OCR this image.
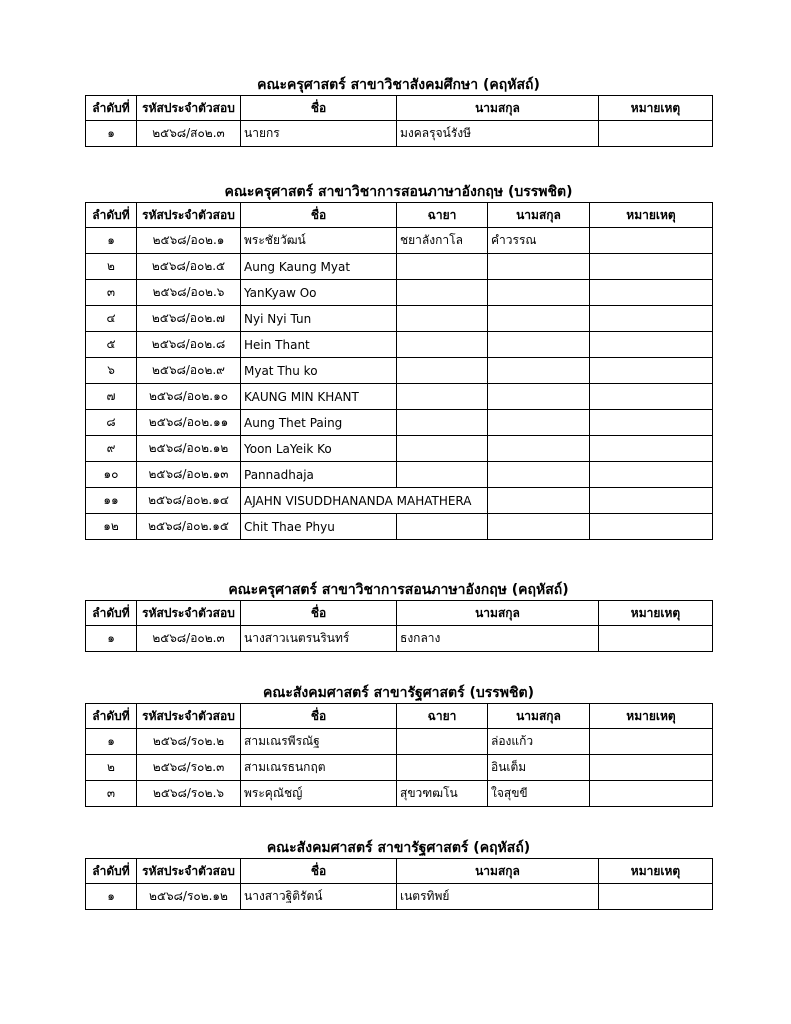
คณะครุศาสตร์ สาขาวิชาสังคมศึกษา (คฤหัสถ์)
ลำดับที่	รหัสประจำตัวสอบ	ชื่อ	นามสกุล	หมายเหตุ
๑	๒๕๖๘/ส๐๒.๓	นายกร	มงคลรุจน์รังษี	
คณะครุศาสตร์ สาขาวิชาการสอนภาษาอังกฤษ (บรรพชิต)
ลำดับที่	รหัสประจำตัวสอบ	ชื่อ	ฉายา	นามสกุล	หมายเหตุ
๑	๒๕๖๘/อ๐๒.๑	พระชัยวัฒน์	ชยาลังกาโล	คำวรรณ	
๒	๒๕๖๘/อ๐๒.๕	Aung Kaung Myat			
๓	๒๕๖๘/อ๐๒.๖	YanKyaw Oo			
๔	๒๕๖๘/อ๐๒.๗	Nyi Nyi Tun			
๕	๒๕๖๘/อ๐๒.๘	Hein Thant			
๖	๒๕๖๘/อ๐๒.๙	Myat Thu ko			
๗	๒๕๖๘/อ๐๒.๑๐	KAUNG MIN KHANT			
๘	๒๕๖๘/อ๐๒.๑๑	Aung Thet Paing			
๙	๒๕๖๘/อ๐๒.๑๒	Yoon LaYeik Ko			
๑๐	๒๕๖๘/อ๐๒.๑๓	Pannadhaja			
๑๑	๒๕๖๘/อ๐๒.๑๔	AJAHN VISUDDHANANDA MAHATHERA			
๑๒	๒๕๖๘/อ๐๒.๑๕	Chit Thae Phyu			
คณะครุศาสตร์ สาขาวิชาการสอนภาษาอังกฤษ (คฤหัสถ์)
ลำดับที่	รหัสประจำตัวสอบ	ชื่อ	นามสกุล	หมายเหตุ
๑	๒๕๖๘/อ๐๒.๓	นางสาวเนตรนรินทร์	ธงกลาง	
คณะสังคมศาสตร์ สาขารัฐศาสตร์ (บรรพชิต)
ลำดับที่	รหัสประจำตัวสอบ	ชื่อ	ฉายา	นามสกุล	หมายเหตุ
๑	๒๕๖๘/ร๐๒.๒	สามเณรพีรณัฐ		ล่องแก้ว	
๒	๒๕๖๘/ร๐๒.๓	สามเณรธนกฤต		อินเต็ม	
๓	๒๕๖๘/ร๐๒.๖	พระคุณัชญ์	สุขวฑฒโน	ใจสุขขี	
คณะสังคมศาสตร์ สาขารัฐศาสตร์ (คฤหัสถ์)
ลำดับที่	รหัสประจำตัวสอบ	ชื่อ	นามสกุล	หมายเหตุ
๑	๒๕๖๘/ร๐๒.๑๒	นางสาวฐิติรัตน์	เนตรทิพย์	
